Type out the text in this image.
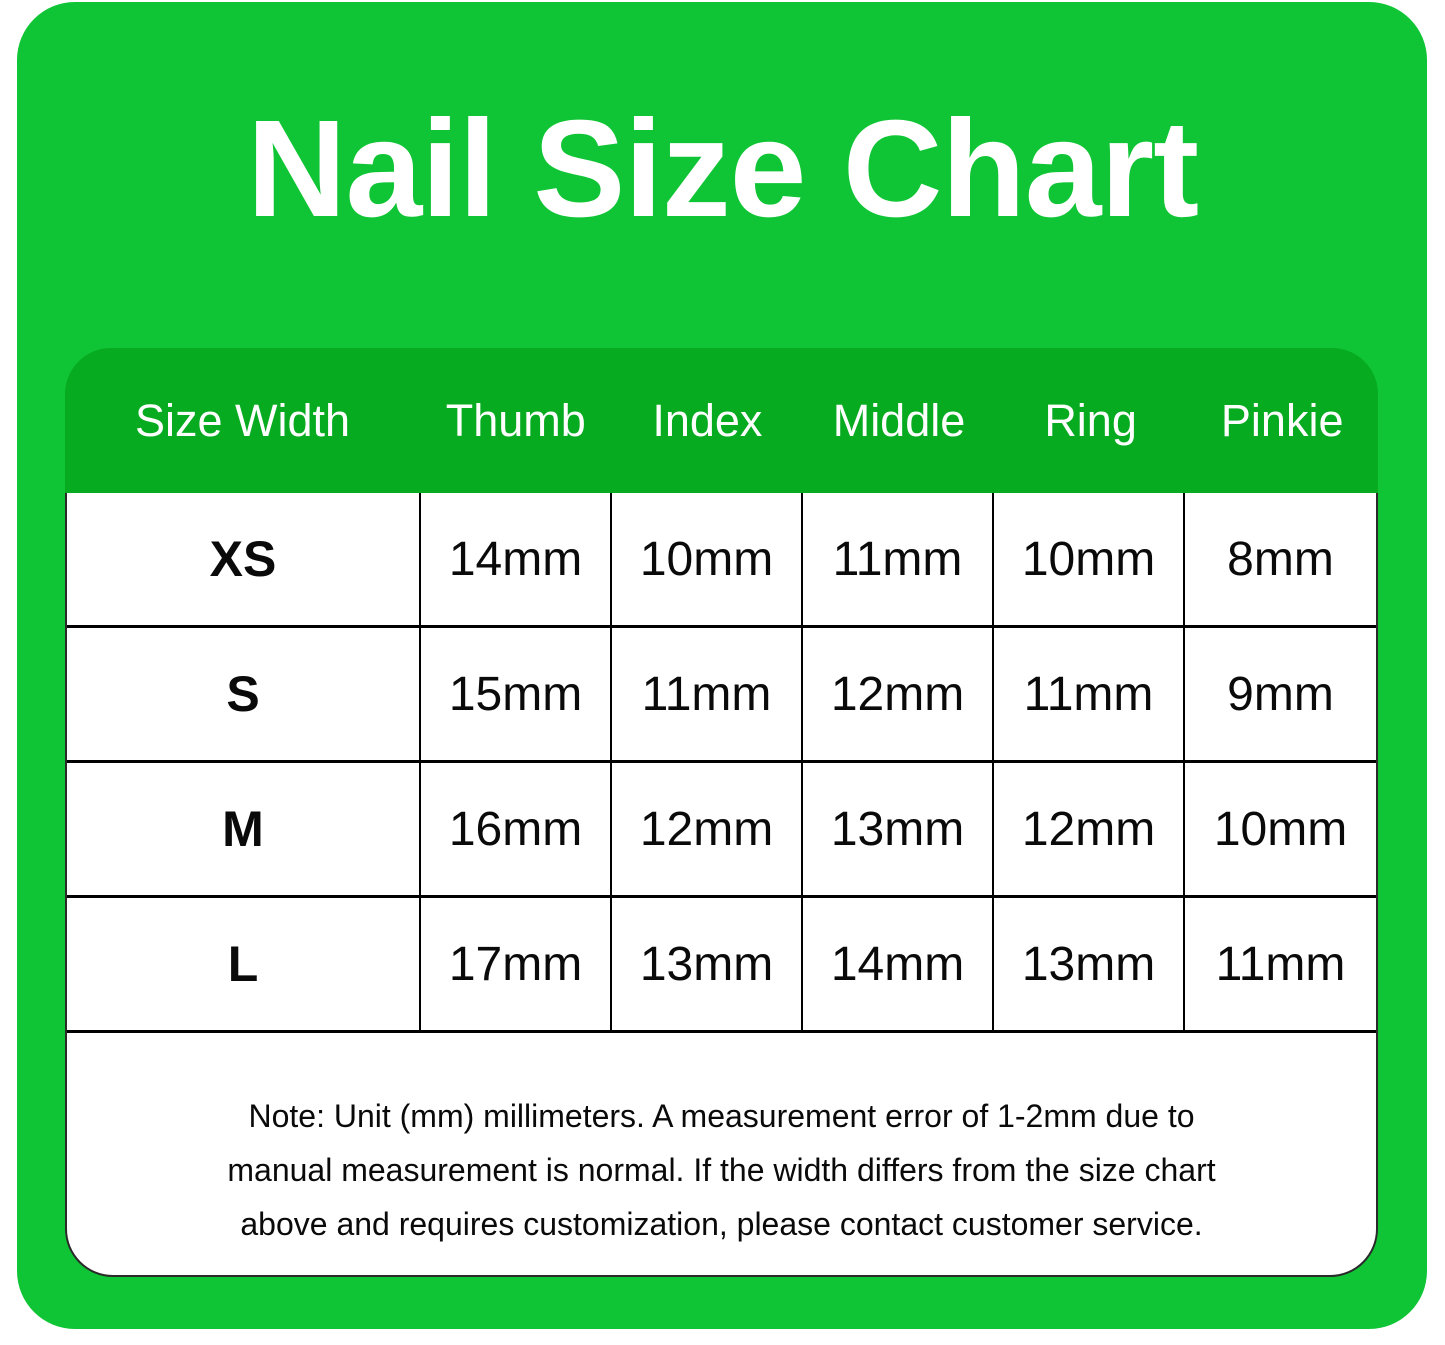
Nail Size Chart
Size Width	Thumb	Index	Middle	Ring	Pinkie
XS	14mm	10mm	11mm	10mm	8mm
S	15mm	11mm	12mm	11mm	9mm
M	16mm	12mm	13mm	12mm	10mm
L	17mm	13mm	14mm	13mm	11mm
Note: Unit (mm) millimeters. A measurement error of 1-2mm due to
manual measurement is normal. If the width differs from the size chart
above and requires customization, please contact customer service.
